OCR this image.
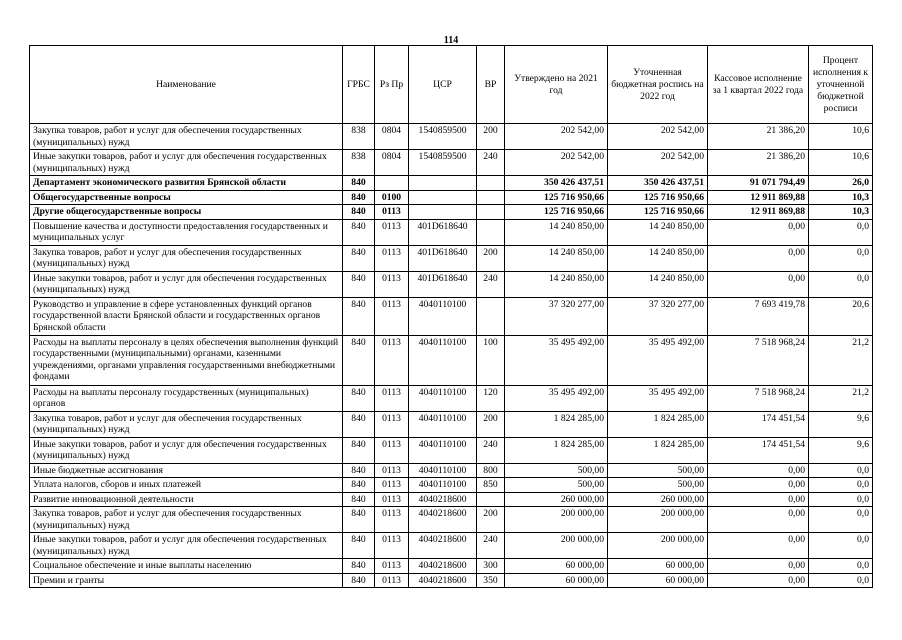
114
Наименование	ГРБС	Рз Пр	ЦСР	ВР	Утверждено на 2021 год	Уточненная бюджетная роспись на 2022 год	Кассовое исполнение за 1 квартал 2022 года	Процент исполнения к уточненной бюджетной росписи
Закупка товаров, работ и услуг для обеспечения государственных (муниципальных) нужд	838	0804	1540859500	200	202 542,00	202 542,00	21 386,20	10,6
Иные закупки товаров, работ и услуг для обеспечения государственных (муниципальных) нужд	838	0804	1540859500	240	202 542,00	202 542,00	21 386,20	10,6
Департамент экономического развития Брянской области	840				350 426 437,51	350 426 437,51	91 071 794,49	26,0
Общегосударственные вопросы	840	0100			125 716 950,66	125 716 950,66	12 911 869,88	10,3
Другие общегосударственные вопросы	840	0113			125 716 950,66	125 716 950,66	12 911 869,88	10,3
Повышение качества и доступности предоставления государственных и муниципальных услуг	840	0113	401D618640		14 240 850,00	14 240 850,00	0,00	0,0
Закупка товаров, работ и услуг для обеспечения государственных (муниципальных) нужд	840	0113	401D618640	200	14 240 850,00	14 240 850,00	0,00	0,0
Иные закупки товаров, работ и услуг для обеспечения государственных (муниципальных) нужд	840	0113	401D618640	240	14 240 850,00	14 240 850,00	0,00	0,0
Руководство и управление в сфере установленных функций органов государственной власти Брянской области и государственных органов Брянской области	840	0113	4040110100		37 320 277,00	37 320 277,00	7 693 419,78	20,6
Расходы на выплаты персоналу в целях обеспечения выполнения функций государственными (муниципальными) органами, казенными учреждениями, органами управления государственными внебюджетными фондами	840	0113	4040110100	100	35 495 492,00	35 495 492,00	7 518 968,24	21,2
Расходы на выплаты персоналу государственных (муниципальных) органов	840	0113	4040110100	120	35 495 492,00	35 495 492,00	7 518 968,24	21,2
Закупка товаров, работ и услуг для обеспечения государственных (муниципальных) нужд	840	0113	4040110100	200	1 824 285,00	1 824 285,00	174 451,54	9,6
Иные закупки товаров, работ и услуг для обеспечения государственных (муниципальных) нужд	840	0113	4040110100	240	1 824 285,00	1 824 285,00	174 451,54	9,6
Иные бюджетные ассигнования	840	0113	4040110100	800	500,00	500,00	0,00	0,0
Уплата налогов, сборов и иных платежей	840	0113	4040110100	850	500,00	500,00	0,00	0,0
Развитие инновационной деятельности	840	0113	4040218600		260 000,00	260 000,00	0,00	0,0
Закупка товаров, работ и услуг для обеспечения государственных (муниципальных) нужд	840	0113	4040218600	200	200 000,00	200 000,00	0,00	0,0
Иные закупки товаров, работ и услуг для обеспечения государственных (муниципальных) нужд	840	0113	4040218600	240	200 000,00	200 000,00	0,00	0,0
Социальное обеспечение и иные выплаты населению	840	0113	4040218600	300	60 000,00	60 000,00	0,00	0,0
Премии и гранты	840	0113	4040218600	350	60 000,00	60 000,00	0,00	0,0
